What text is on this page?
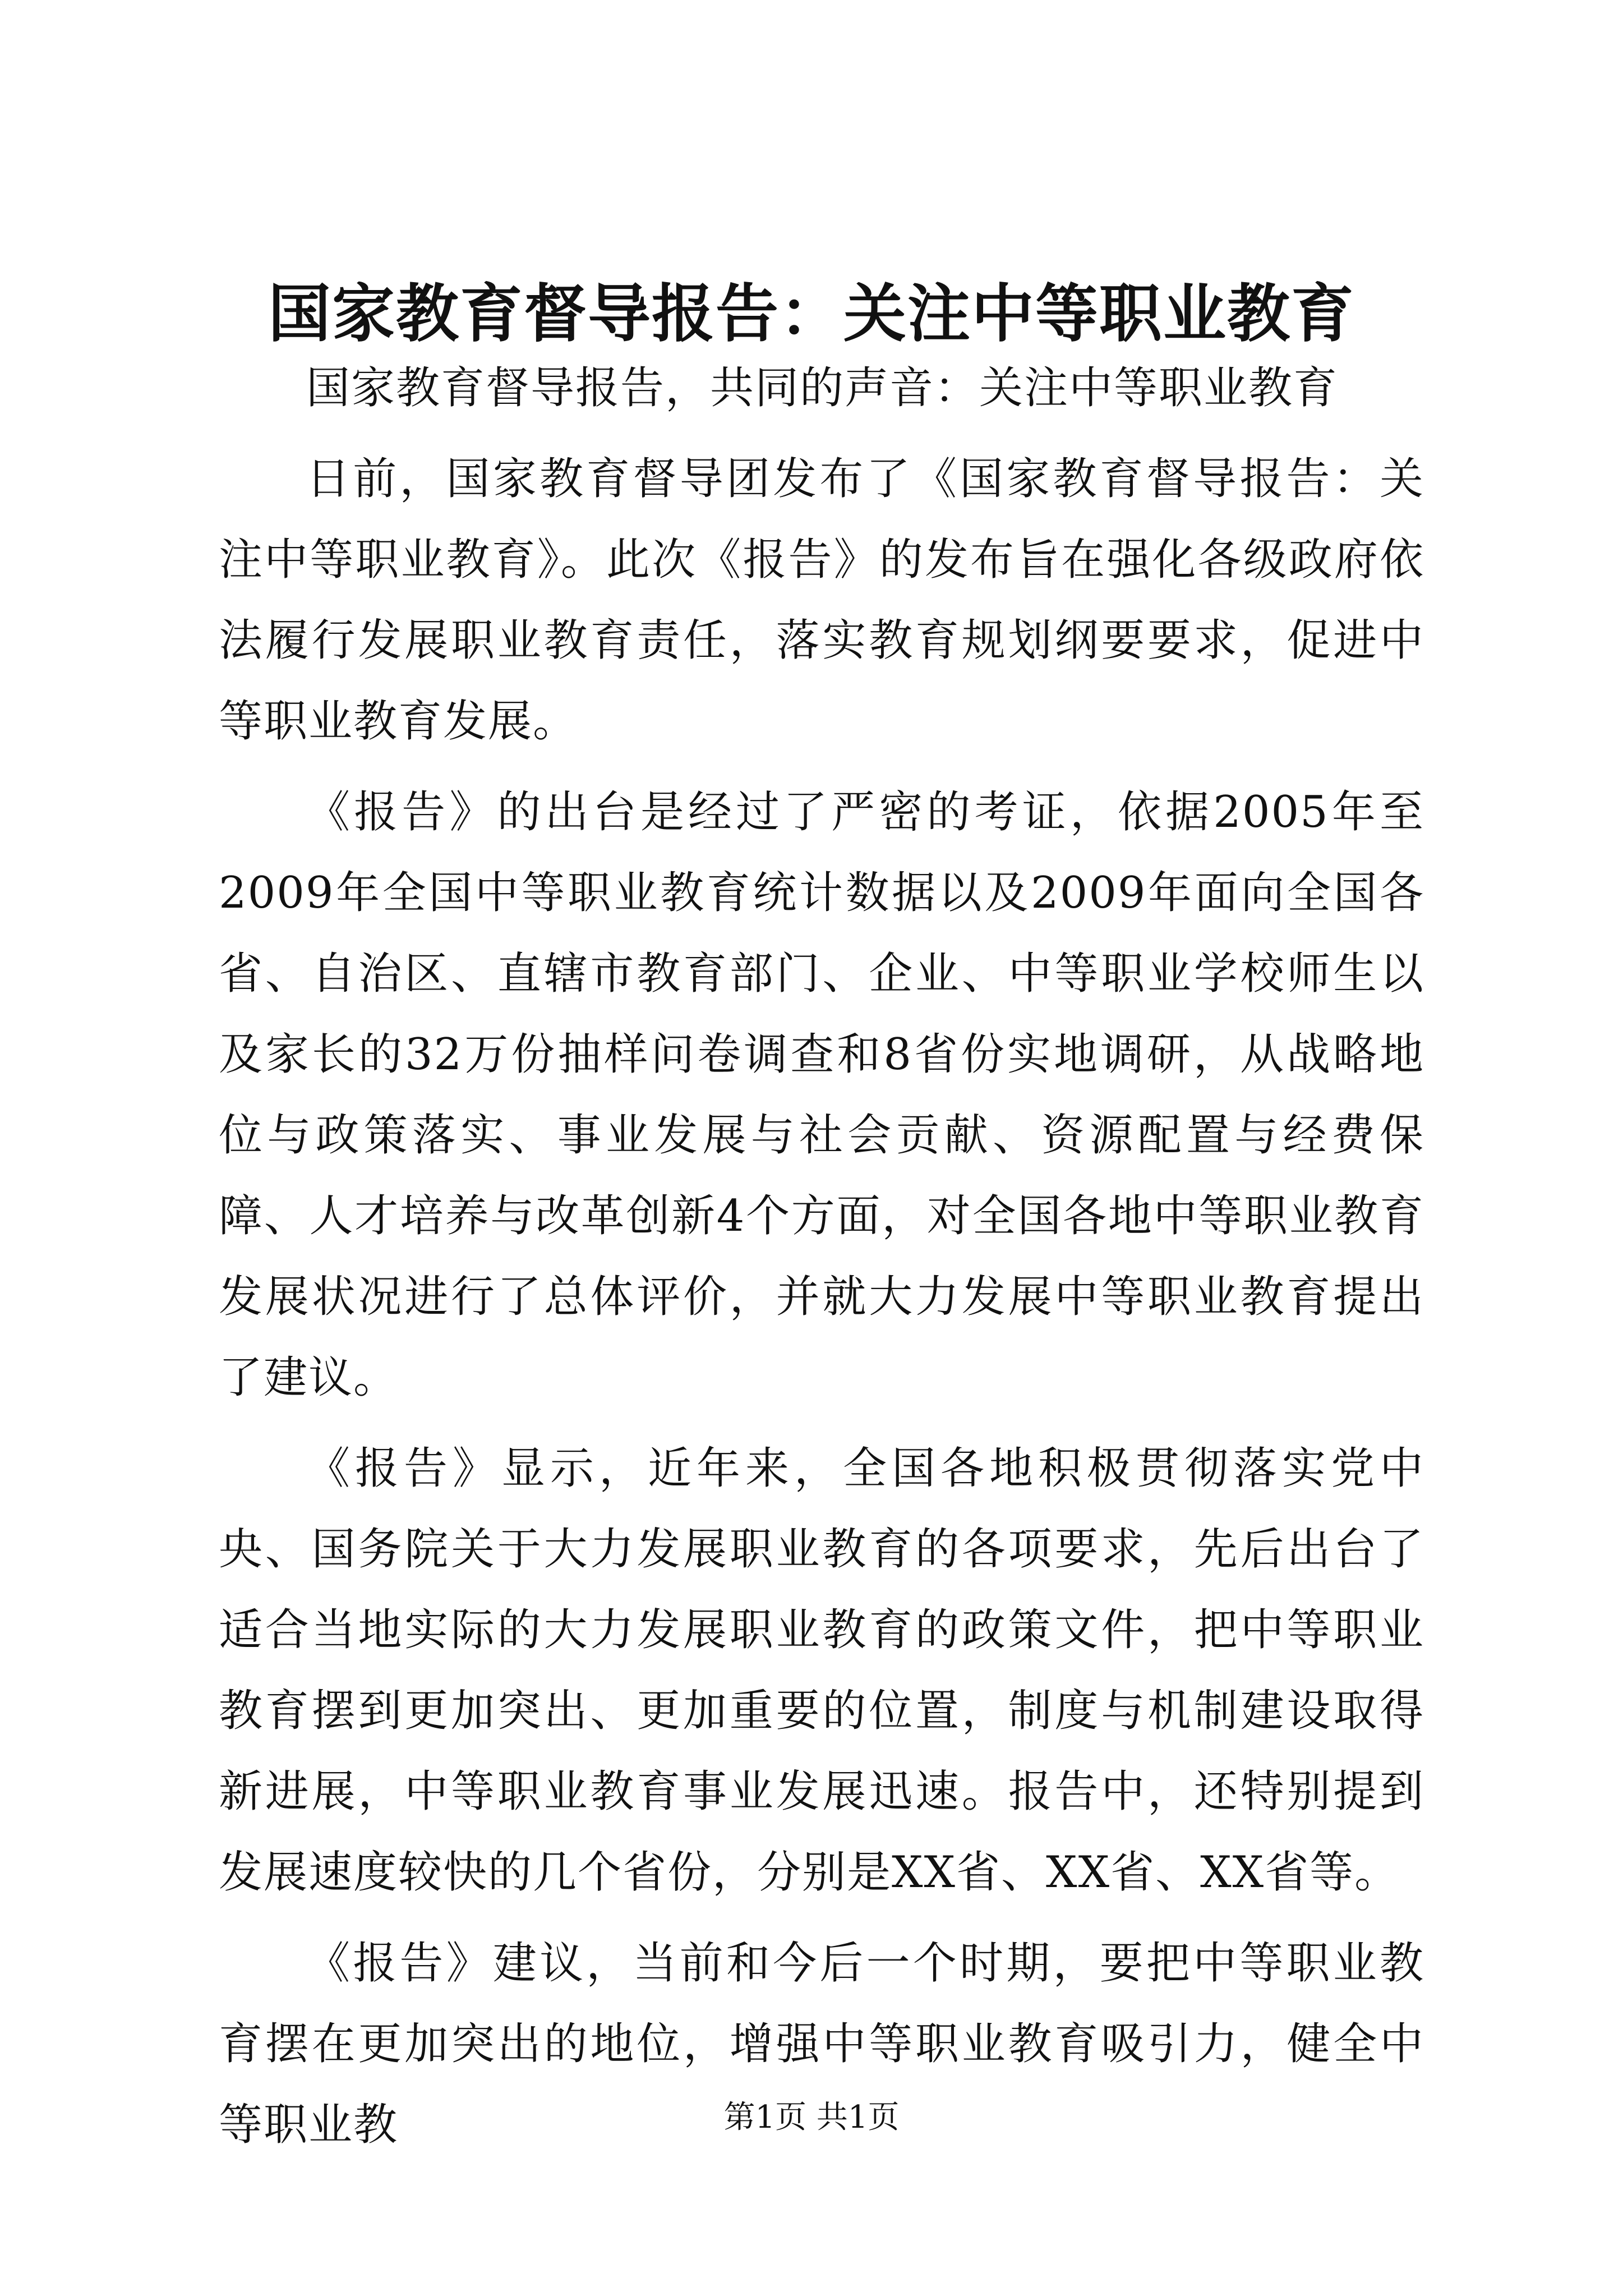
国家教育督导报告：关注中等职业教育

国家教育督导报告，共同的声音：关注中等职业教育

日前，国家教育督导团发布了《国家教育督导报告：关注中等职业教育》。此次《报告》的发布旨在强化各级政府依法履行发展职业教育责任，落实教育规划纲要要求，促进中等职业教育发展。

《报告》的出台是经过了严密的考证，依据2005年至2009年全国中等职业教育统计数据以及2009年面向全国各省、自治区、直辖市教育部门、企业、中等职业学校师生以及家长的32万份抽样问卷调查和8省份实地调研，从战略地位与政策落实、事业发展与社会贡献、资源配置与经费保障、人才培养与改革创新4个方面，对全国各地中等职业教育发展状况进行了总体评价，并就大力发展中等职业教育提出了建议。

《报告》显示，近年来，全国各地积极贯彻落实党中央、国务院关于大力发展职业教育的各项要求，先后出台了适合当地实际的大力发展职业教育的政策文件，把中等职业教育摆到更加突出、更加重要的位置，制度与机制建设取得新进展，中等职业教育事业发展迅速。报告中，还特别提到发展速度较快的几个省份，分别是XX省、XX省、XX省等。

《报告》建议，当前和今后一个时期，要把中等职业教育摆在更加突出的地位，增强中等职业教育吸引力，健全中等职业教	第1页 共1页
